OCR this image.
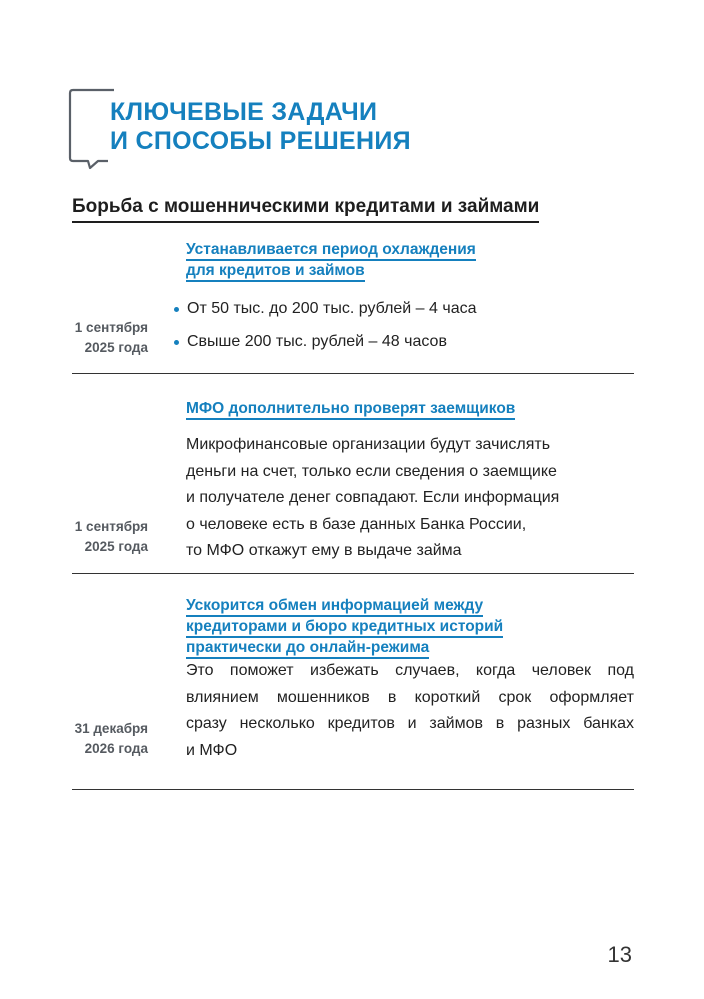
КЛЮЧЕВЫЕ ЗАДАЧИ
И СПОСОБЫ РЕШЕНИЯ
Борьба с мошенническими кредитами и займами
Устанавливается период охлаждения
для кредитов и займов
1 сентября
2025 года
От 50 тыс. до 200 тыс. рублей – 4 часа
Свыше 200 тыс. рублей – 48 часов
МФО дополнительно проверят заемщиков
1 сентября
2025 года

Микрофинансовые организации будут зачислять
деньги на счет, только если сведения о заемщике
и получателе денег совпадают. Если информация
о человеке есть в базе данных Банка России,
то МФО откажут ему в выдаче займа

Ускорится обмен информацией между
кредиторами и бюро кредитных историй
практически до онлайн-режима
31 декабря
2026 года

Это поможет избежать случаев, когда человек под
влиянием мошенников в короткий срок оформляет
сразу несколько кредитов и займов в разных банках
и МФО

13
